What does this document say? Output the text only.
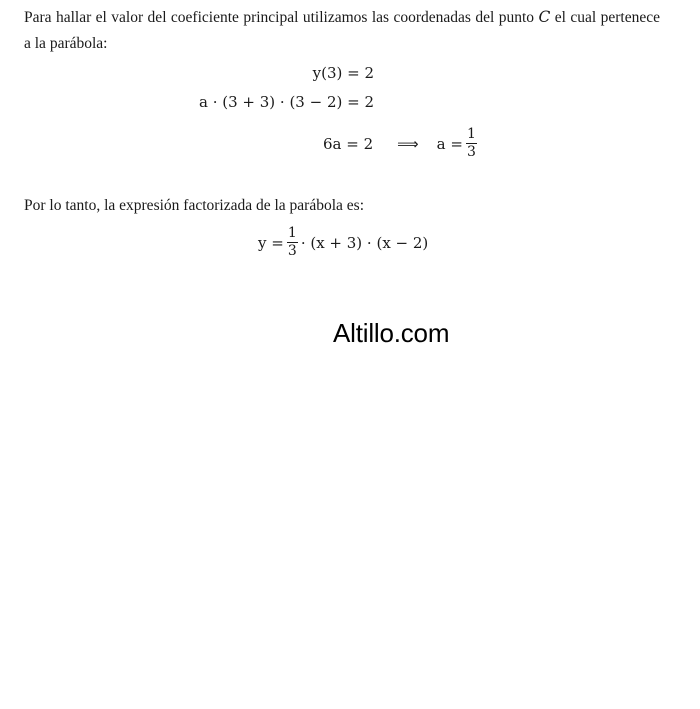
Para hallar el valor del coeficiente principal utilizamos las coordenadas del punto C el cual pertenece a la parábola:

y(3) = 2
a · (3 + 3) · (3 − 2) = 2
6a = 2 ⟹ $a = \frac{1}{3}$

Por lo tanto, la expresión factorizada de la parábola es:

$y = \frac{1}{3} \cdot (x + 3) \cdot (x - 2)$
Altillo.com
